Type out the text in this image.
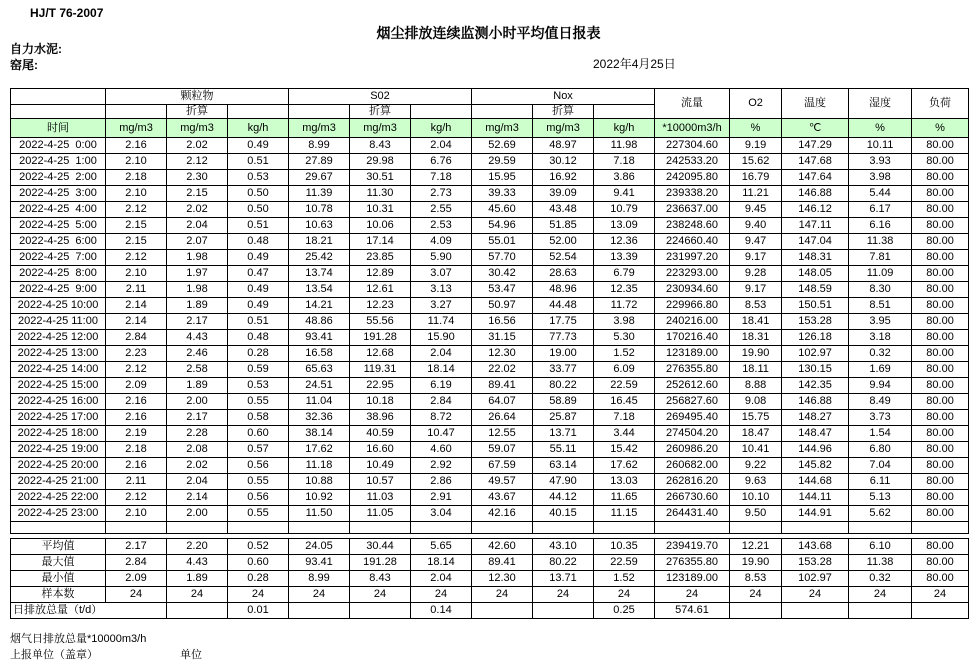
HJ/T 76-2007
烟尘排放连续监测小时平均值日报表
自力水泥:
窑尾:	2022年4月25日
	颗粒物			S02			Nox			流量	O2	温度	湿度	负荷
		折算			折算			折算						
时间	mg/m3	mg/m3	kg/h	mg/m3	mg/m3	kg/h	mg/m3	mg/m3	kg/h	*10000m3/h	%	℃	%	%
2022-4-25  0:00	2.16	2.02	0.49	8.99	8.43	2.04	52.69	48.97	11.98	227304.60	9.19	147.29	10.11	80.00
2022-4-25  1:00	2.10	2.12	0.51	27.89	29.98	6.76	29.59	30.12	7.18	242533.20	15.62	147.68	3.93	80.00
2022-4-25  2:00	2.18	2.30	0.53	29.67	30.51	7.18	15.95	16.92	3.86	242095.80	16.79	147.64	3.98	80.00
2022-4-25  3:00	2.10	2.15	0.50	11.39	11.30	2.73	39.33	39.09	9.41	239338.20	11.21	146.88	5.44	80.00
2022-4-25  4:00	2.12	2.02	0.50	10.78	10.31	2.55	45.60	43.48	10.79	236637.00	9.45	146.12	6.17	80.00
2022-4-25  5:00	2.15	2.04	0.51	10.63	10.06	2.53	54.96	51.85	13.09	238248.60	9.40	147.11	6.16	80.00
2022-4-25  6:00	2.15	2.07	0.48	18.21	17.14	4.09	55.01	52.00	12.36	224660.40	9.47	147.04	11.38	80.00
2022-4-25  7:00	2.12	1.98	0.49	25.42	23.85	5.90	57.70	52.54	13.39	231997.20	9.17	148.31	7.81	80.00
2022-4-25  8:00	2.10	1.97	0.47	13.74	12.89	3.07	30.42	28.63	6.79	223293.00	9.28	148.05	11.09	80.00
2022-4-25  9:00	2.11	1.98	0.49	13.54	12.61	3.13	53.47	48.96	12.35	230934.60	9.17	148.59	8.30	80.00
2022-4-25 10:00	2.14	1.89	0.49	14.21	12.23	3.27	50.97	44.48	11.72	229966.80	8.53	150.51	8.51	80.00
2022-4-25 11:00	2.14	2.17	0.51	48.86	55.56	11.74	16.56	17.75	3.98	240216.00	18.41	153.28	3.95	80.00
2022-4-25 12:00	2.84	4.43	0.48	93.41	191.28	15.90	31.15	77.73	5.30	170216.40	18.31	126.18	3.18	80.00
2022-4-25 13:00	2.23	2.46	0.28	16.58	12.68	2.04	12.30	19.00	1.52	123189.00	19.90	102.97	0.32	80.00
2022-4-25 14:00	2.12	2.58	0.59	65.63	119.31	18.14	22.02	33.77	6.09	276355.80	18.11	130.15	1.69	80.00
2022-4-25 15:00	2.09	1.89	0.53	24.51	22.95	6.19	89.41	80.22	22.59	252612.60	8.88	142.35	9.94	80.00
2022-4-25 16:00	2.16	2.00	0.55	11.04	10.18	2.84	64.07	58.89	16.45	256827.60	9.08	146.88	8.49	80.00
2022-4-25 17:00	2.16	2.17	0.58	32.36	38.96	8.72	26.64	25.87	7.18	269495.40	15.75	148.27	3.73	80.00
2022-4-25 18:00	2.19	2.28	0.60	38.14	40.59	10.47	12.55	13.71	3.44	274504.20	18.47	148.47	1.54	80.00
2022-4-25 19:00	2.18	2.08	0.57	17.62	16.60	4.60	59.07	55.11	15.42	260986.20	10.41	144.96	6.80	80.00
2022-4-25 20:00	2.16	2.02	0.56	11.18	10.49	2.92	67.59	63.14	17.62	260682.00	9.22	145.82	7.04	80.00
2022-4-25 21:00	2.11	2.04	0.55	10.88	10.57	2.86	49.57	47.90	13.03	262816.20	9.63	144.68	6.11	80.00
2022-4-25 22:00	2.12	2.14	0.56	10.92	11.03	2.91	43.67	44.12	11.65	266730.60	10.10	144.11	5.13	80.00
2022-4-25 23:00	2.10	2.00	0.55	11.50	11.05	3.04	42.16	40.15	11.15	264431.40	9.50	144.91	5.62	80.00

平均值	2.17	2.20	0.52	24.05	30.44	5.65	42.60	43.10	10.35	239419.70	12.21	143.68	6.10	80.00
最大值	2.84	4.43	0.60	93.41	191.28	18.14	89.41	80.22	22.59	276355.80	19.90	153.28	11.38	80.00
最小值	2.09	1.89	0.28	8.99	8.43	2.04	12.30	13.71	1.52	123189.00	8.53	102.97	0.32	80.00
样本数	24	24	24	24	24	24	24	24	24	24	24	24	24	24
日排放总量（t/d）			0.01			0.14			0.25	574.61				
烟气日排放总量*10000m3/h
上报单位（盖章）	单位
